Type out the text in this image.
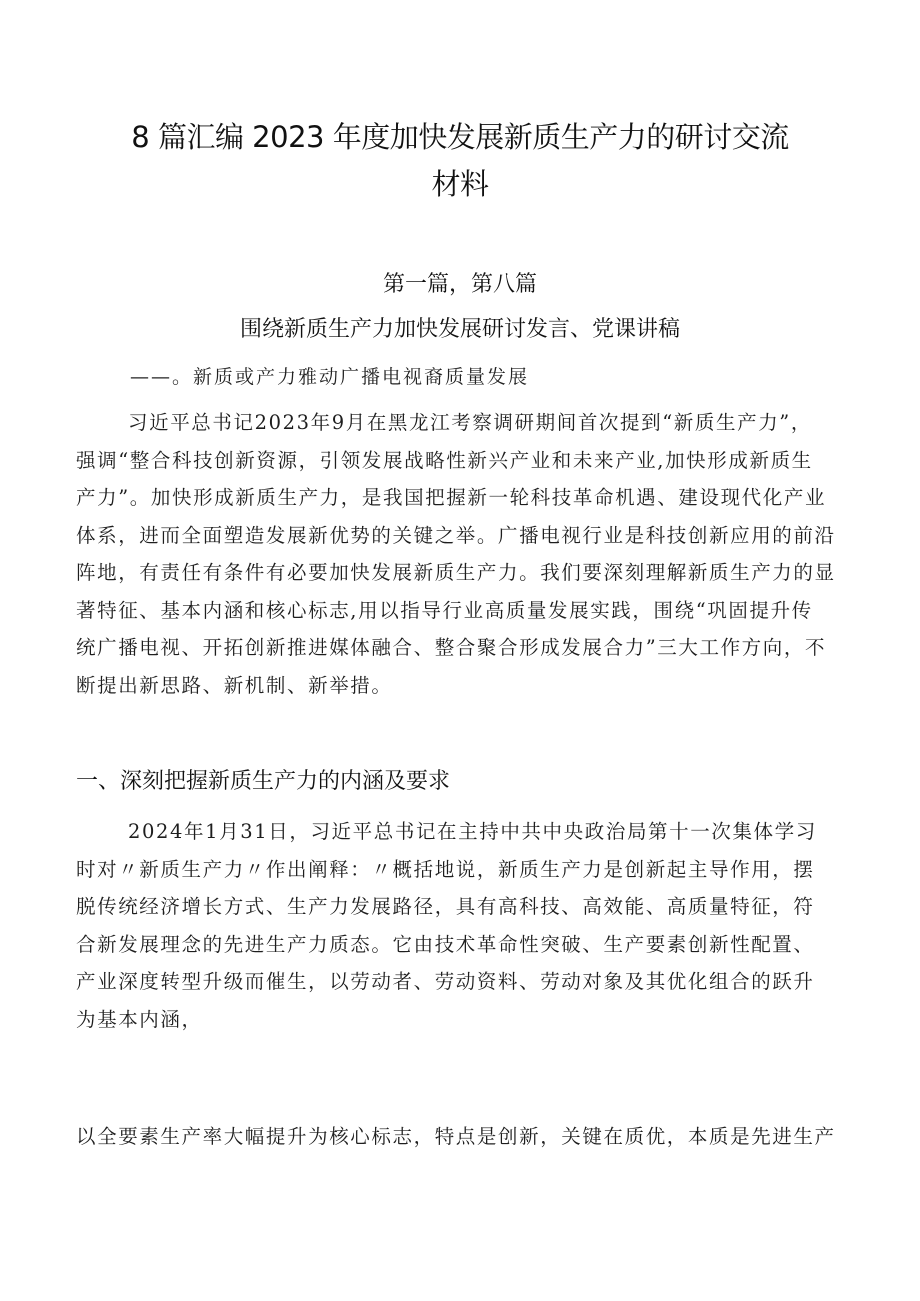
8 篇汇编 2023 年度加快发展新质生产力的研讨交流
材料
第一篇，第八篇
围绕新质生产力加快发展研讨发言、党课讲稿
——。新质或产力雅动广播电视裔质量发展
习近平总书记2023年9月在黑龙江考察调研期间首次提到“新质生产力”，
强调“整合科技创新资源，引领发展战略性新兴产业和未来产业,加快形成新质生
产力”。加快形成新质生产力，是我国把握新一轮科技革命机遇、建设现代化产业
体系，进而全面塑造发展新优势的关键之举。广播电视行业是科技创新应用的前沿
阵地，有责任有条件有必要加快发展新质生产力。我们要深刻理解新质生产力的显
著特征、基本内涵和核心标志,用以指导行业高质量发展实践，围绕“巩固提升传
统广播电视、开拓创新推进媒体融合、整合聚合形成发展合力”三大工作方向，不
断提出新思路、新机制、新举措。
一、深刻把握新质生产力的内涵及要求
2024年1月31日，习近平总书记在主持中共中央政治局第十一次集体学习
时对〃新质生产力〃作出阐释：〃概括地说，新质生产力是创新起主导作用，摆
脱传统经济增长方式、生产力发展路径，具有高科技、高效能、高质量特征，符
合新发展理念的先进生产力质态。它由技术革命性突破、生产要素创新性配置、
产业深度转型升级而催生，以劳动者、劳动资料、劳动对象及其优化组合的跃升
为基本内涵，
以全要素生产率大幅提升为核心标志，特点是创新，关键在质优，本质是先进生产
